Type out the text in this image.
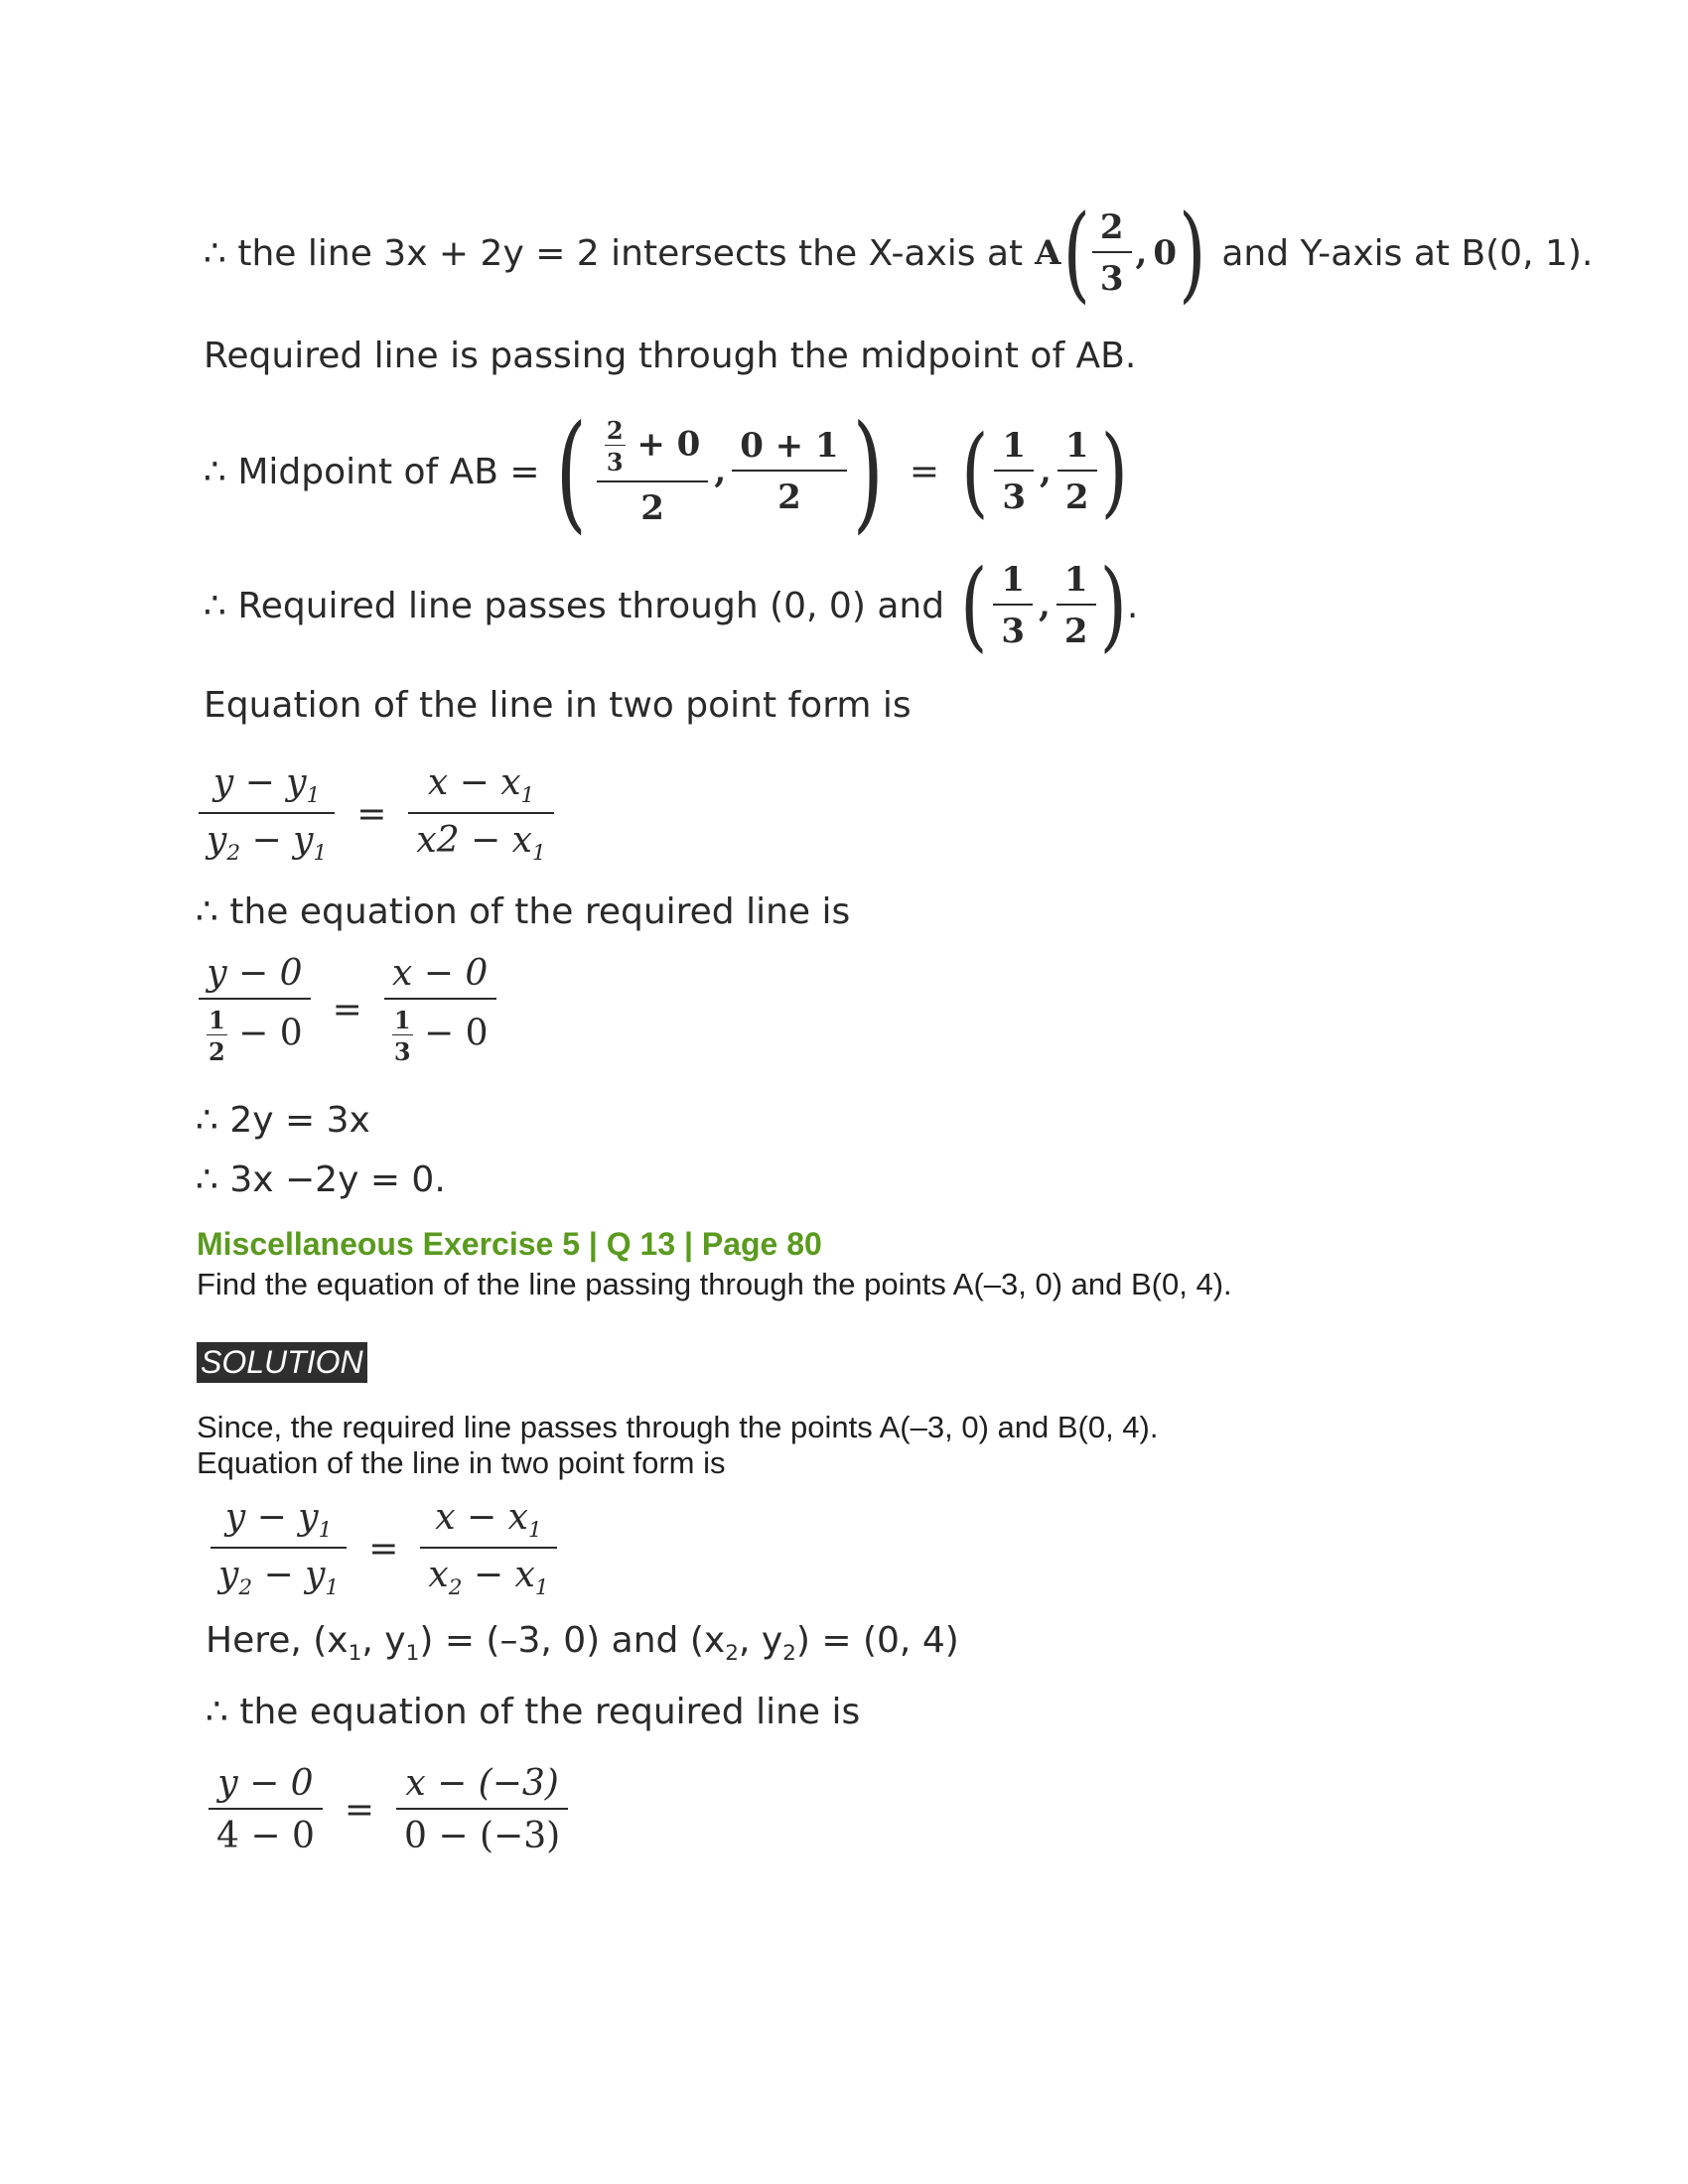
∴ the line 3x + 2y = 2 intersects the X-axis at A ( $\frac{2}{3}$ , 0 ) and Y-axis at B(0, 1).
Required line is passing through the midpoint of AB.
∴ Midpoint of AB = ( $\frac{\frac{2}{3} + 0}{2}$ , $\frac{0 + 1}{2}$ ) = ( $\frac{1}{3}$ , $\frac{1}{2}$ )
∴ Required line passes through (0, 0) and ( $\frac{1}{3}$ , $\frac{1}{2}$ ) .
Equation of the line in two point form is
$\frac{y - y_1}{y_2 - y_1} = \frac{x - x_1}{x2 - x_1}$
∴ the equation of the required line is
$\frac{y - 0}{\frac{1}{2} - 0} = \frac{x - 0}{\frac{1}{3} - 0}$
∴ 2y = 3x
∴ 3x −2y = 0.
Miscellaneous Exercise 5 | Q 13 | Page 80
Find the equation of the line passing through the points A(–3, 0) and B(0, 4).
SOLUTION
Since, the required line passes through the points A(–3, 0) and B(0, 4).
Equation of the line in two point form is
$\frac{y - y_1}{y_2 - y_1} = \frac{x - x_1}{x_2 - x_1}$
Here, ($x_1$, $y_1) = (-3$, 0) and ($x_2$, $y_2) = (0$, 4)
∴ the equation of the required line is
$\frac{y - 0}{4 - 0} = \frac{x - (-3)}{0 - (-3)}$
